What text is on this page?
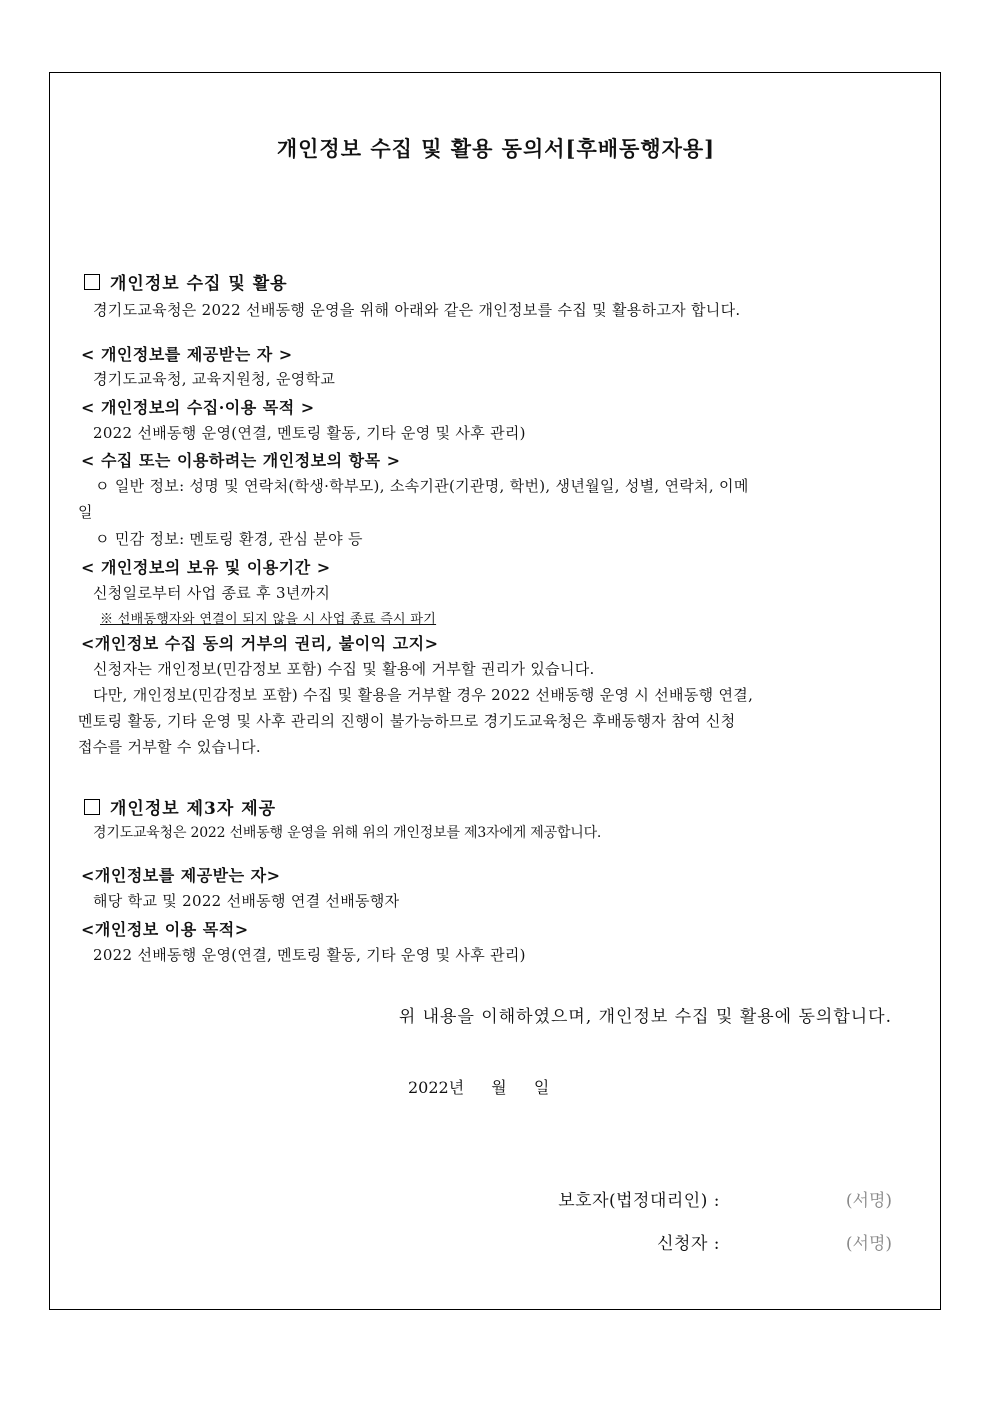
개인정보 수집 및 활용 동의서[후배동행자용]
개인정보 수집 및 활용
경기도교육청은 2022 선배동행 운영을 위해 아래와 같은 개인정보를 수집 및 활용하고자 합니다.
< 개인정보를 제공받는 자 >
경기도교육청, 교육지원청, 운영학교
< 개인정보의 수집·이용 목적 >
2022 선배동행 운영(연결, 멘토링 활동, 기타 운영 및 사후 관리)
< 수집 또는 이용하려는 개인정보의 항목 >
ㅇ 일반 정보: 성명 및 연락처(학생·학부모), 소속기관(기관명, 학번), 생년월일, 성별, 연락처, 이메
일
ㅇ 민감 정보: 멘토링 환경, 관심 분야 등
< 개인정보의 보유 및 이용기간 >
신청일로부터 사업 종료 후 3년까지
※ 선배동행자와 연결이 되지 않을 시 사업 종료 즉시 파기
<개인정보 수집 동의 거부의 권리, 불이익 고지>
신청자는 개인정보(민감정보 포함) 수집 및 활용에 거부할 권리가 있습니다.
다만, 개인정보(민감정보 포함) 수집 및 활용을 거부할 경우 2022 선배동행 운영 시 선배동행 연결,
멘토링 활동, 기타 운영 및 사후 관리의 진행이 불가능하므로 경기도교육청은 후배동행자 참여 신청
접수를 거부할 수 있습니다.
개인정보 제3자 제공
경기도교육청은 2022 선배동행 운영을 위해 위의 개인정보를 제3자에게 제공합니다.
<개인정보를 제공받는 자>
해당 학교 및 2022 선배동행 연결 선배동행자
<개인정보 이용 목적>
2022 선배동행 운영(연결, 멘토링 활동, 기타 운영 및 사후 관리)
위 내용을 이해하였으며, 개인정보 수집 및 활용에 동의합니다.
2022년 월 일
보호자(법정대리인) :	(서명)
신청자 :	(서명)
